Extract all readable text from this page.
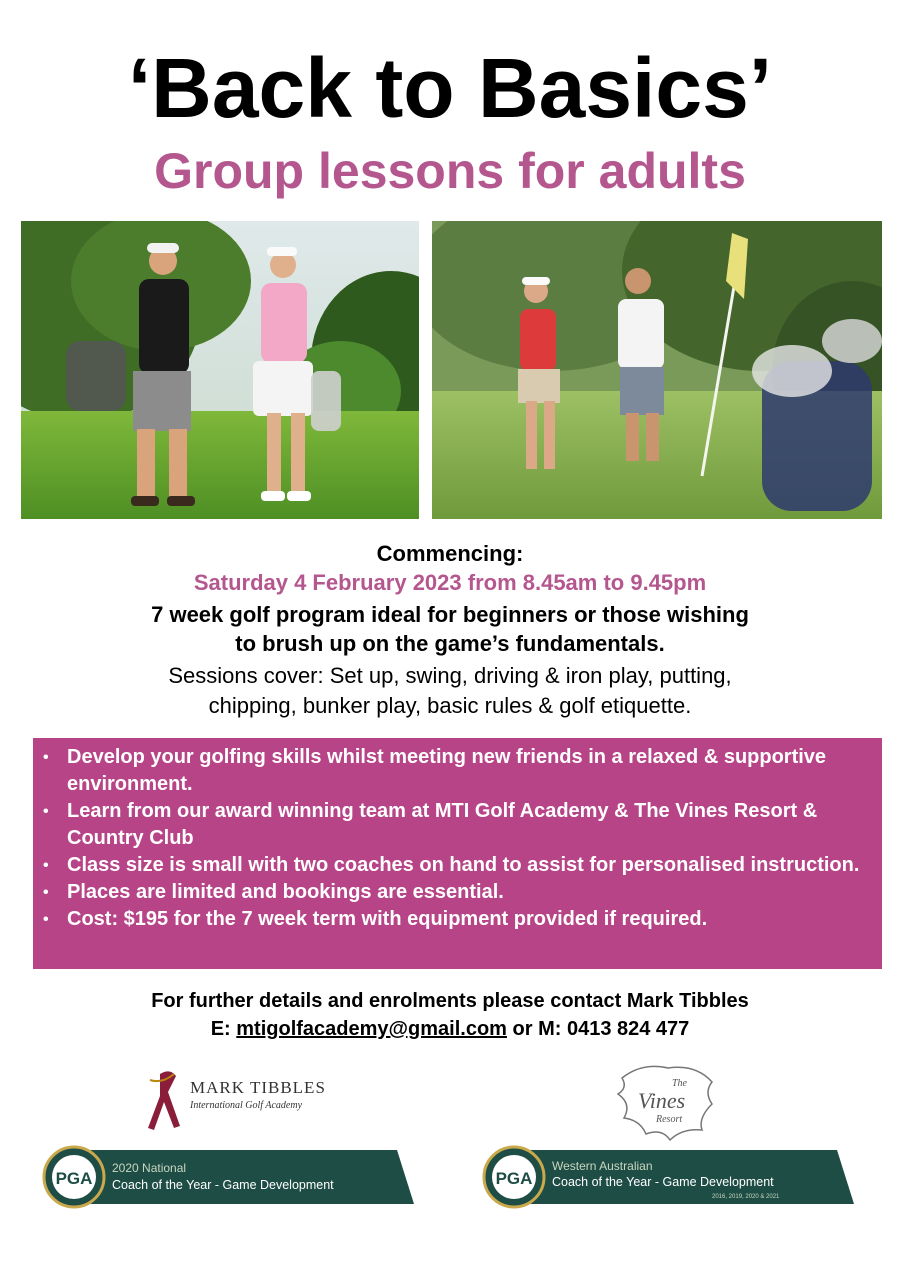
‘Back to Basics’
Group lessons for adults
Commencing:
Saturday 4 February 2023 from 8.45am to 9.45pm
7 week golf program ideal for beginners or those wishing
to brush up on the game’s fundamentals.
Sessions cover: Set up, swing, driving & iron play, putting,
chipping, bunker play, basic rules & golf etiquette.
• Develop your golfing skills whilst meeting new friends in a relaxed & supportive environment.
• Learn from our award winning team at MTI Golf Academy & The Vines Resort & Country Club
• Class size is small with two coaches on hand to assist for personalised instruction.
• Places are limited and bookings are essential.
• Cost: $195 for the 7 week term with equipment provided if required.
For further details and enrolments please contact Mark Tibbles
E: mtigolfacademy@gmail.com or M: 0413 824 477
MARK TIBBLES
International Golf Academy
The
Vines
Resort
PGA
2020 National
Coach of the Year - Game Development	PGA
Western Australian
Coach of the Year - Game Development
2016, 2019, 2020 & 2021
